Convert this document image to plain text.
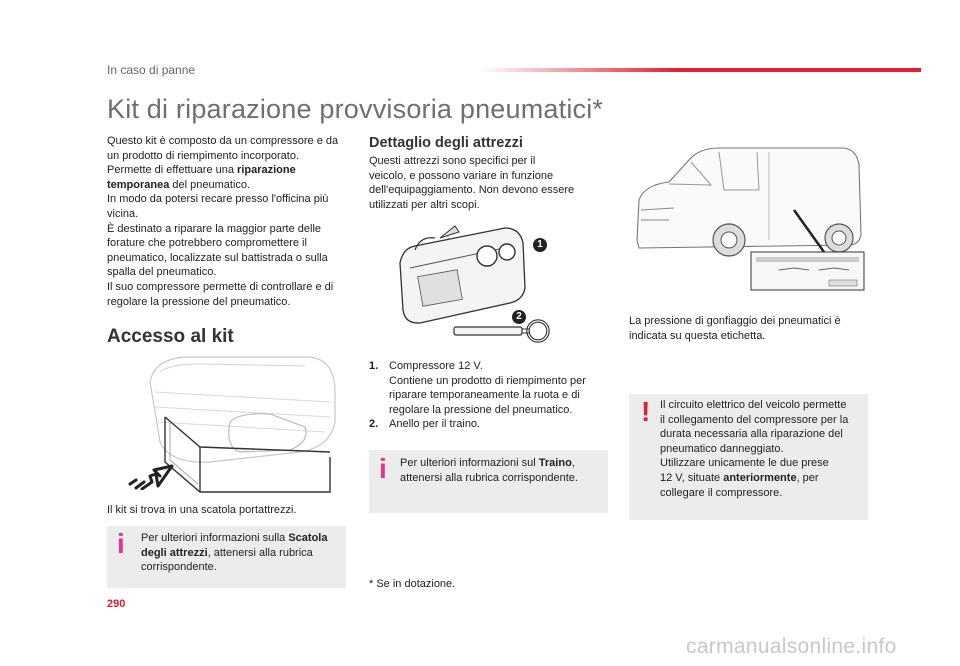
In caso di panne
Kit di riparazione provvisoria pneumatici*

Questo kit è composto da un compressore e da

un prodotto di riempimento incorporato.

Permette di effettuare una riparazione

temporanea del pneumatico.

In modo da potersi recare presso l'officina più

vicina.

È destinato a riparare la maggior parte delle

forature che potrebbero compromettere il

pneumatico, localizzate sul battistrada o sulla

spalla del pneumatico.

Il suo compressore permette di controllare e di

regolare la pressione del pneumatico.

Accesso al kit
Il kit si trova in una scatola portattrezzi.
i Per ulteriori informazioni sulla Scatola
degli attrezzi, attenersi alla rubrica
corrispondente.
Dettaglio degli attrezzi

Questi attrezzi sono specifici per il

veicolo, e possono variare in funzione

dell'equipaggiamento. Non devono essere

utilizzati per altri scopi.

1
2

1. Compressore 12 V.

Contiene un prodotto di riempimento per

riparare temporaneamente la ruota e di

regolare la pressione del pneumatico.

2. Anello per il traino.

i Per ulteriori informazioni sul Traino,
attenersi alla rubrica corrispondente.
* Se in dotazione.

La pressione di gonfiaggio dei pneumatici è

indicata su questa etichetta.

! Il circuito elettrico del veicolo permette
il collegamento del compressore per la
durata necessaria alla riparazione del
pneumatico danneggiato.
Utilizzare unicamente le due prese
12 V, situate anteriormente, per
collegare il compressore.
290
carmanualsonline.info
